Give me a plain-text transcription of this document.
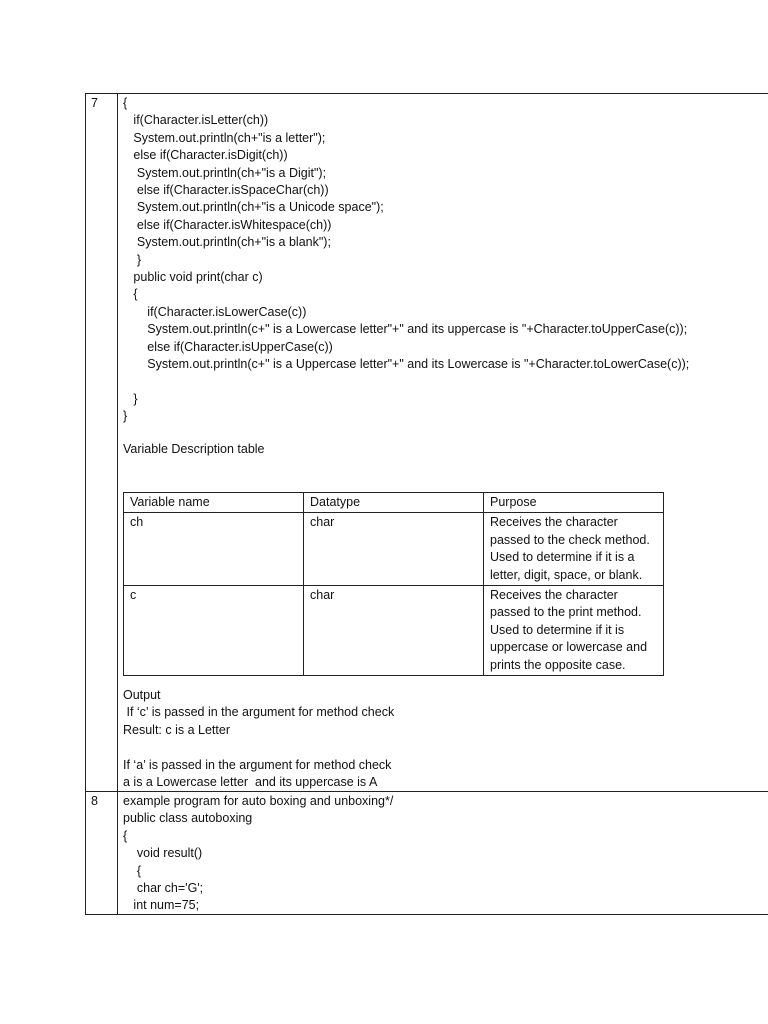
7 {
if(Character.isLetter(ch))
System.out.println(ch+"is a letter");
else if(Character.isDigit(ch))
System.out.println(ch+"is a Digit");
else if(Character.isSpaceChar(ch))
System.out.println(ch+"is a Unicode space");
else if(Character.isWhitespace(ch))
System.out.println(ch+"is a blank");
}
public void print(char c)
{
if(Character.isLowerCase(c))
System.out.println(c+" is a Lowercase letter"+" and its uppercase is "+Character.toUpperCase(c));
else if(Character.isUpperCase(c))
System.out.println(c+" is a Uppercase letter"+" and its Lowercase is "+Character.toLowerCase(c));
}
}
Variable Description table
Variable name	Datatype	Purpose
ch	char	Receives the character passed to the check method. Used to determine if it is a letter, digit, space, or blank.
c	char	Receives the character passed to the print method. Used to determine if it is uppercase or lowercase and prints the opposite case.
Output
If ‘c’ is passed in the argument for method check
Result: c is a Letter
If ‘a’ is passed in the argument for method check
a is a Lowercase letter  and its uppercase is A
8 example program for auto boxing and unboxing*/
public class autoboxing
{
void result()
{
char ch='G';
int num=75;
